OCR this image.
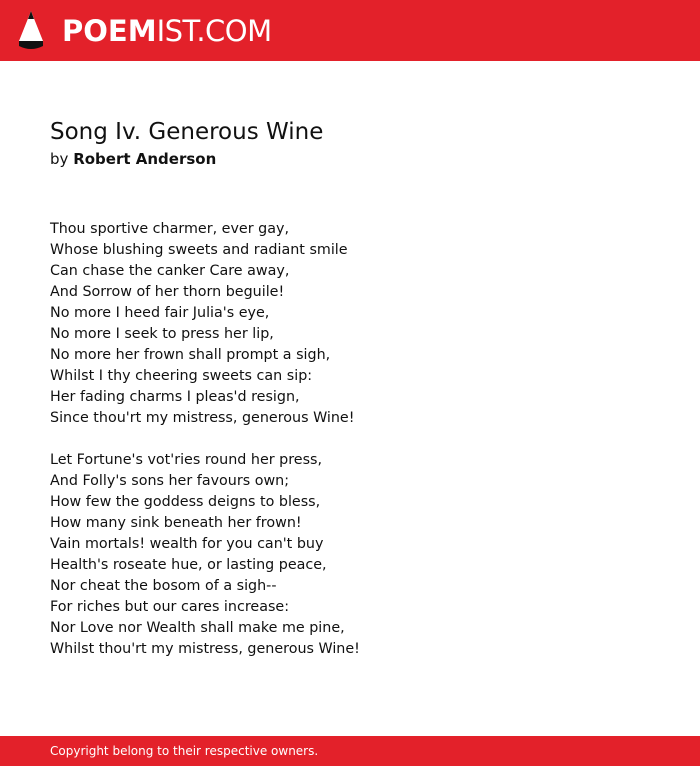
POEMIST.COM
Song Iv. Generous Wine

by Robert Anderson

Thou sportive charmer, ever gay,
Whose blushing sweets and radiant smile
Can chase the canker Care away,
And Sorrow of her thorn beguile!
No more I heed fair Julia's eye,
No more I seek to press her lip,
No more her frown shall prompt a sigh,
Whilst I thy cheering sweets can sip:
Her fading charms I pleas'd resign,
Since thou'rt my mistress, generous Wine!
Let Fortune's vot'ries round her press,
And Folly's sons her favours own;
How few the goddess deigns to bless,
How many sink beneath her frown!
Vain mortals! wealth for you can't buy
Health's roseate hue, or lasting peace,
Nor cheat the bosom of a sigh--
For riches but our cares increase:
Nor Love nor Wealth shall make me pine,
Whilst thou'rt my mistress, generous Wine!
Copyright belong to their respective owners.
